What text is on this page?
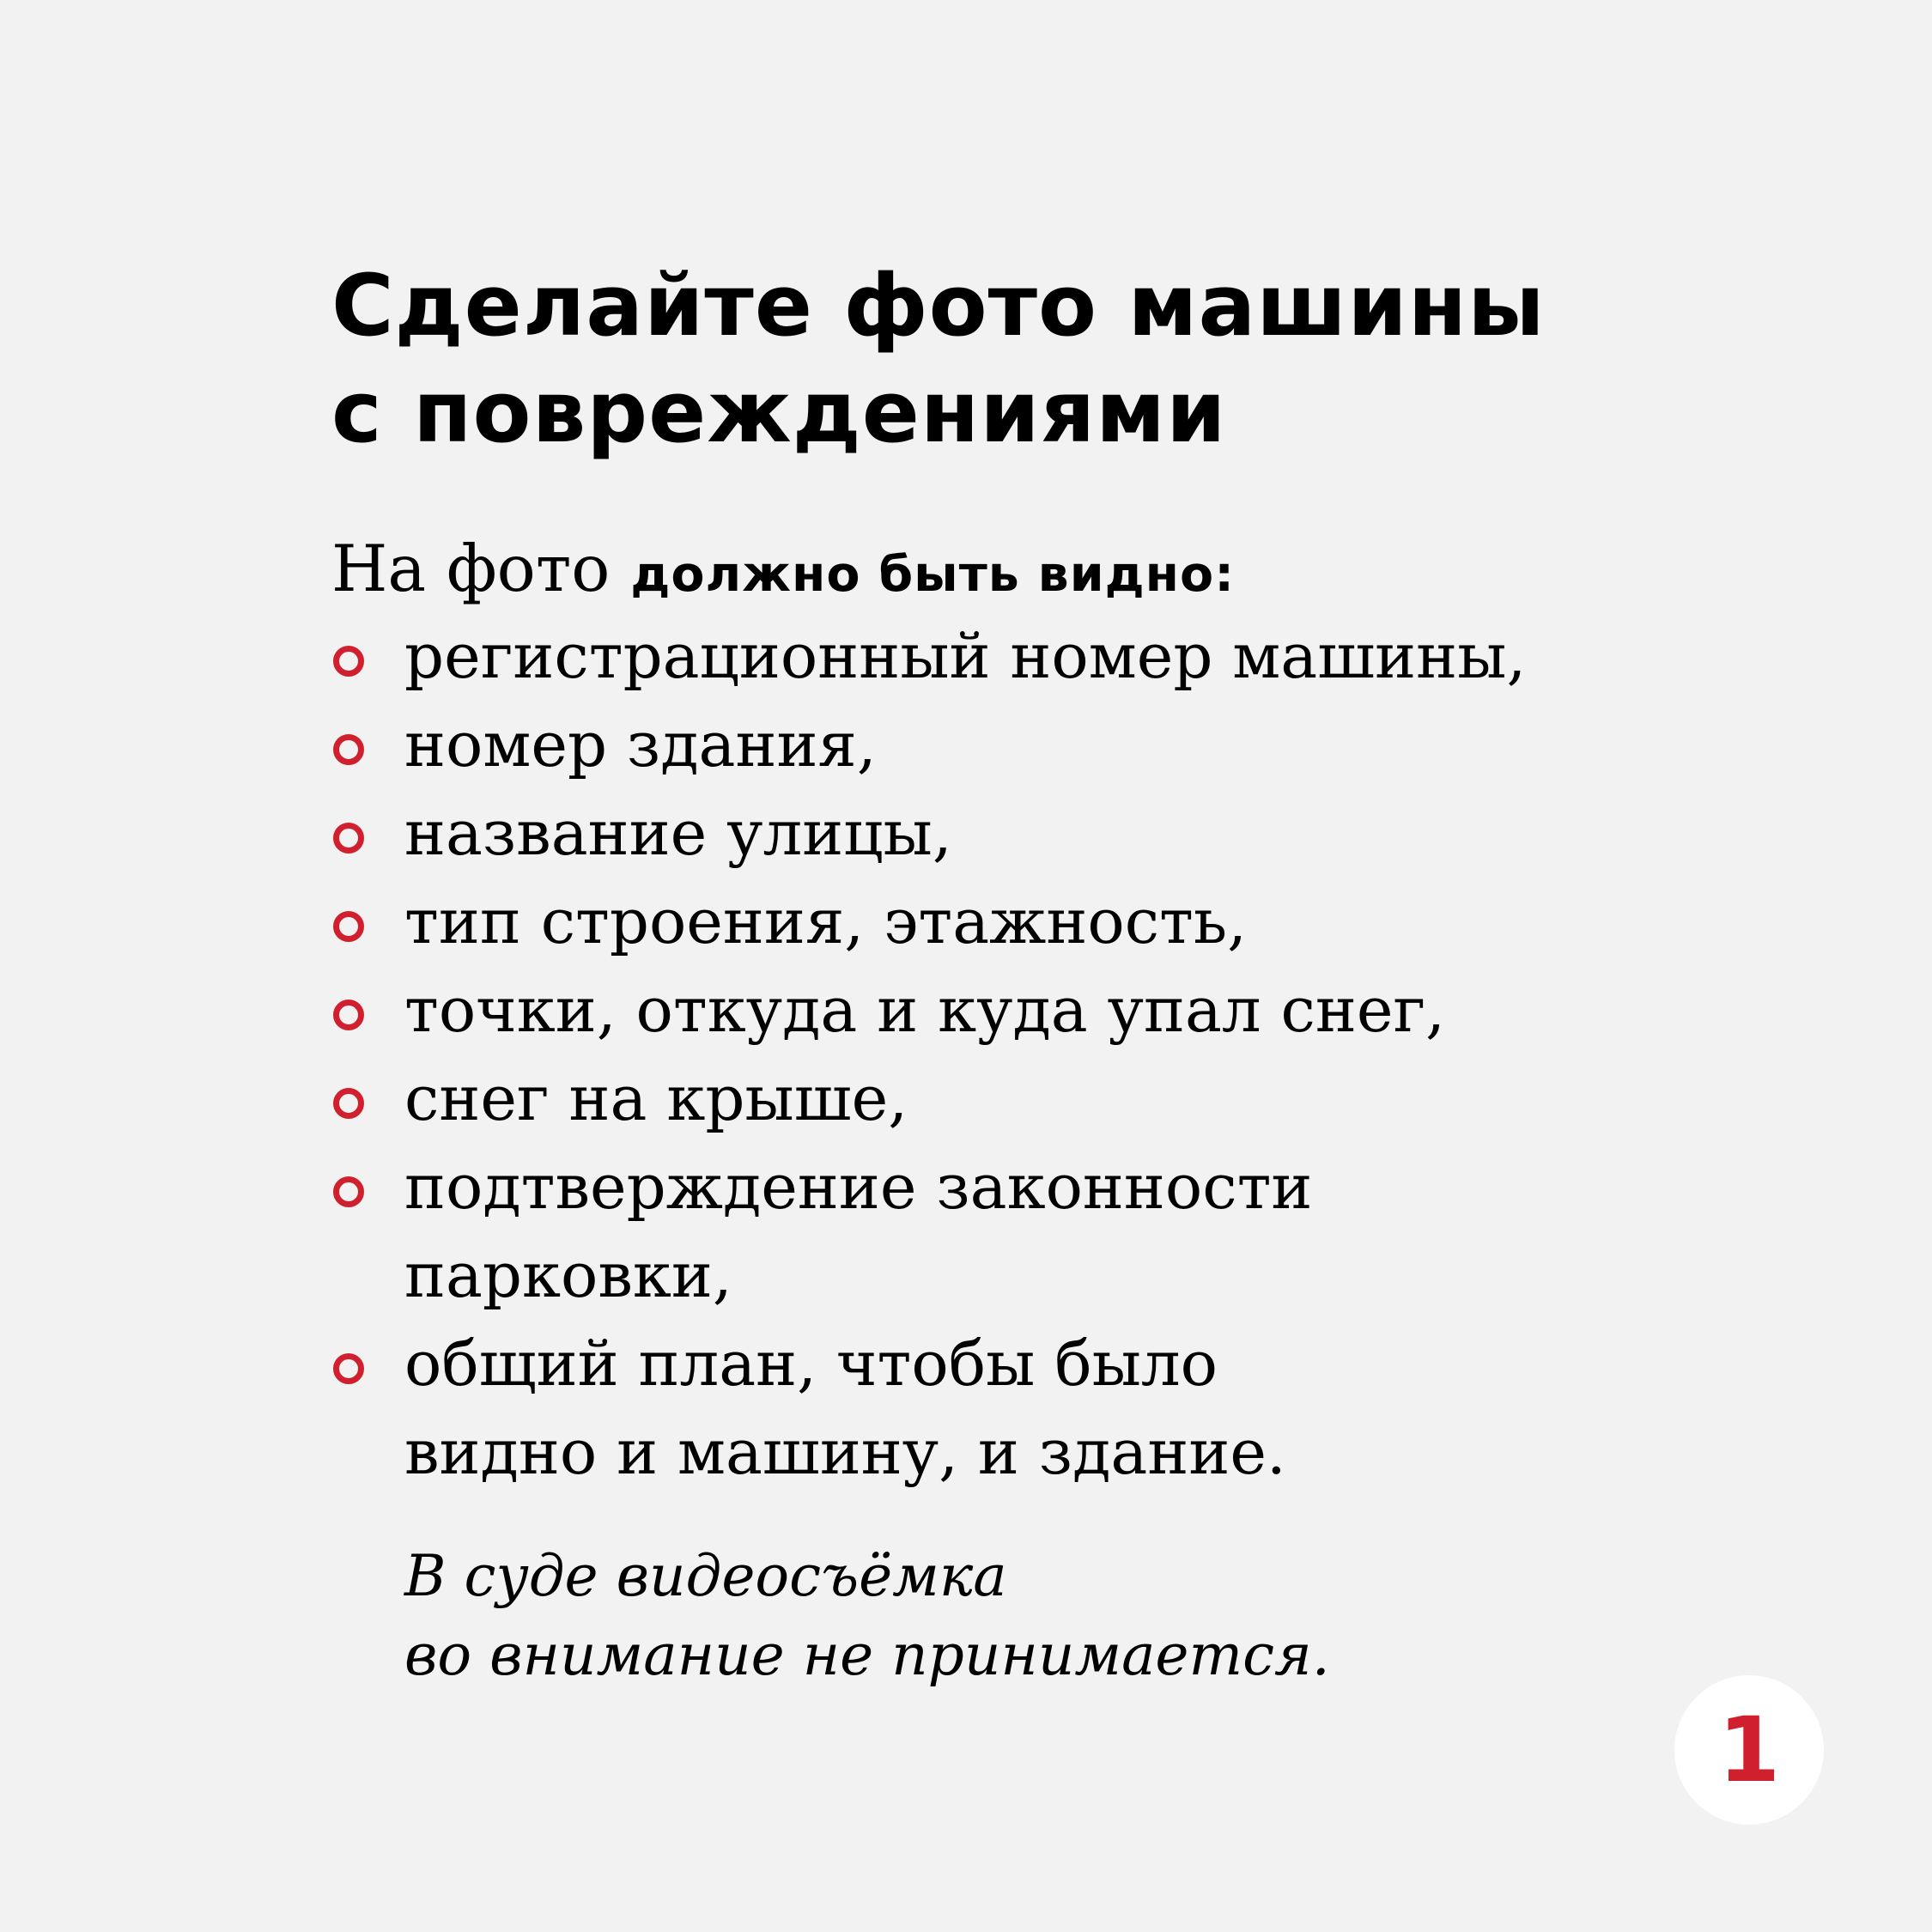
Сделайте фото машины
с повреждениями

На фото должно быть видно:

регистрационный номер машины,
номер здания,
название улицы,
тип строения, этажность,
точки, откуда и куда упал снег,
снег на крыше,
подтверждение законности
парковки,
общий план, чтобы было
видно и машину, и здание.

В суде видеосъёмка
во внимание не принимается.

1
